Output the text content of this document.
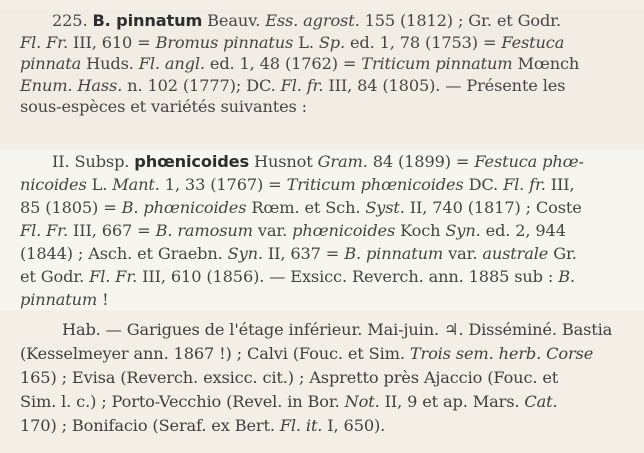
225. B. pinnatum Beauv. Ess. agrost. 155 (1812) ; Gr. et Godr.
Fl. Fr. III, 610 = Bromus pinnatus L. Sp. ed. 1, 78 (1753) = Festuca
pinnata Huds. Fl. angl. ed. 1, 48 (1762) = Triticum pinnatum Mœnch
Enum. Hass. n. 102 (1777); DC. Fl. fr. III, 84 (1805). — Présente les
sous-espèces et variétés suivantes :
II. Subsp. phœnicoides Husnot Gram. 84 (1899) = Festuca phœ-
nicoides L. Mant. 1, 33 (1767) = Triticum phœnicoides DC. Fl. fr. III,
85 (1805) = B. phœnicoides Rœm. et Sch. Syst. II, 740 (1817) ; Coste
Fl. Fr. III, 667 = B. ramosum var. phœnicoides Koch Syn. ed. 2, 944
(1844) ; Asch. et Graebn. Syn. II, 637 = B. pinnatum var. australe Gr.
et Godr. Fl. Fr. III, 610 (1856). — Exsicc. Reverch. ann. 1885 sub : B.
pinnatum !
Hab. — Garigues de l'étage inférieur. Mai-juin. ♃. Disséminé. Bastia
(Kesselmeyer ann. 1867 !) ; Calvi (Fouc. et Sim. Trois sem. herb. Corse
165) ; Evisa (Reverch. exsicc. cit.) ; Aspretto près Ajaccio (Fouc. et
Sim. l. c.) ; Porto-Vecchio (Revel. in Bor. Not. II, 9 et ap. Mars. Cat.
170) ; Bonifacio (Seraf. ex Bert. Fl. it. I, 650).
